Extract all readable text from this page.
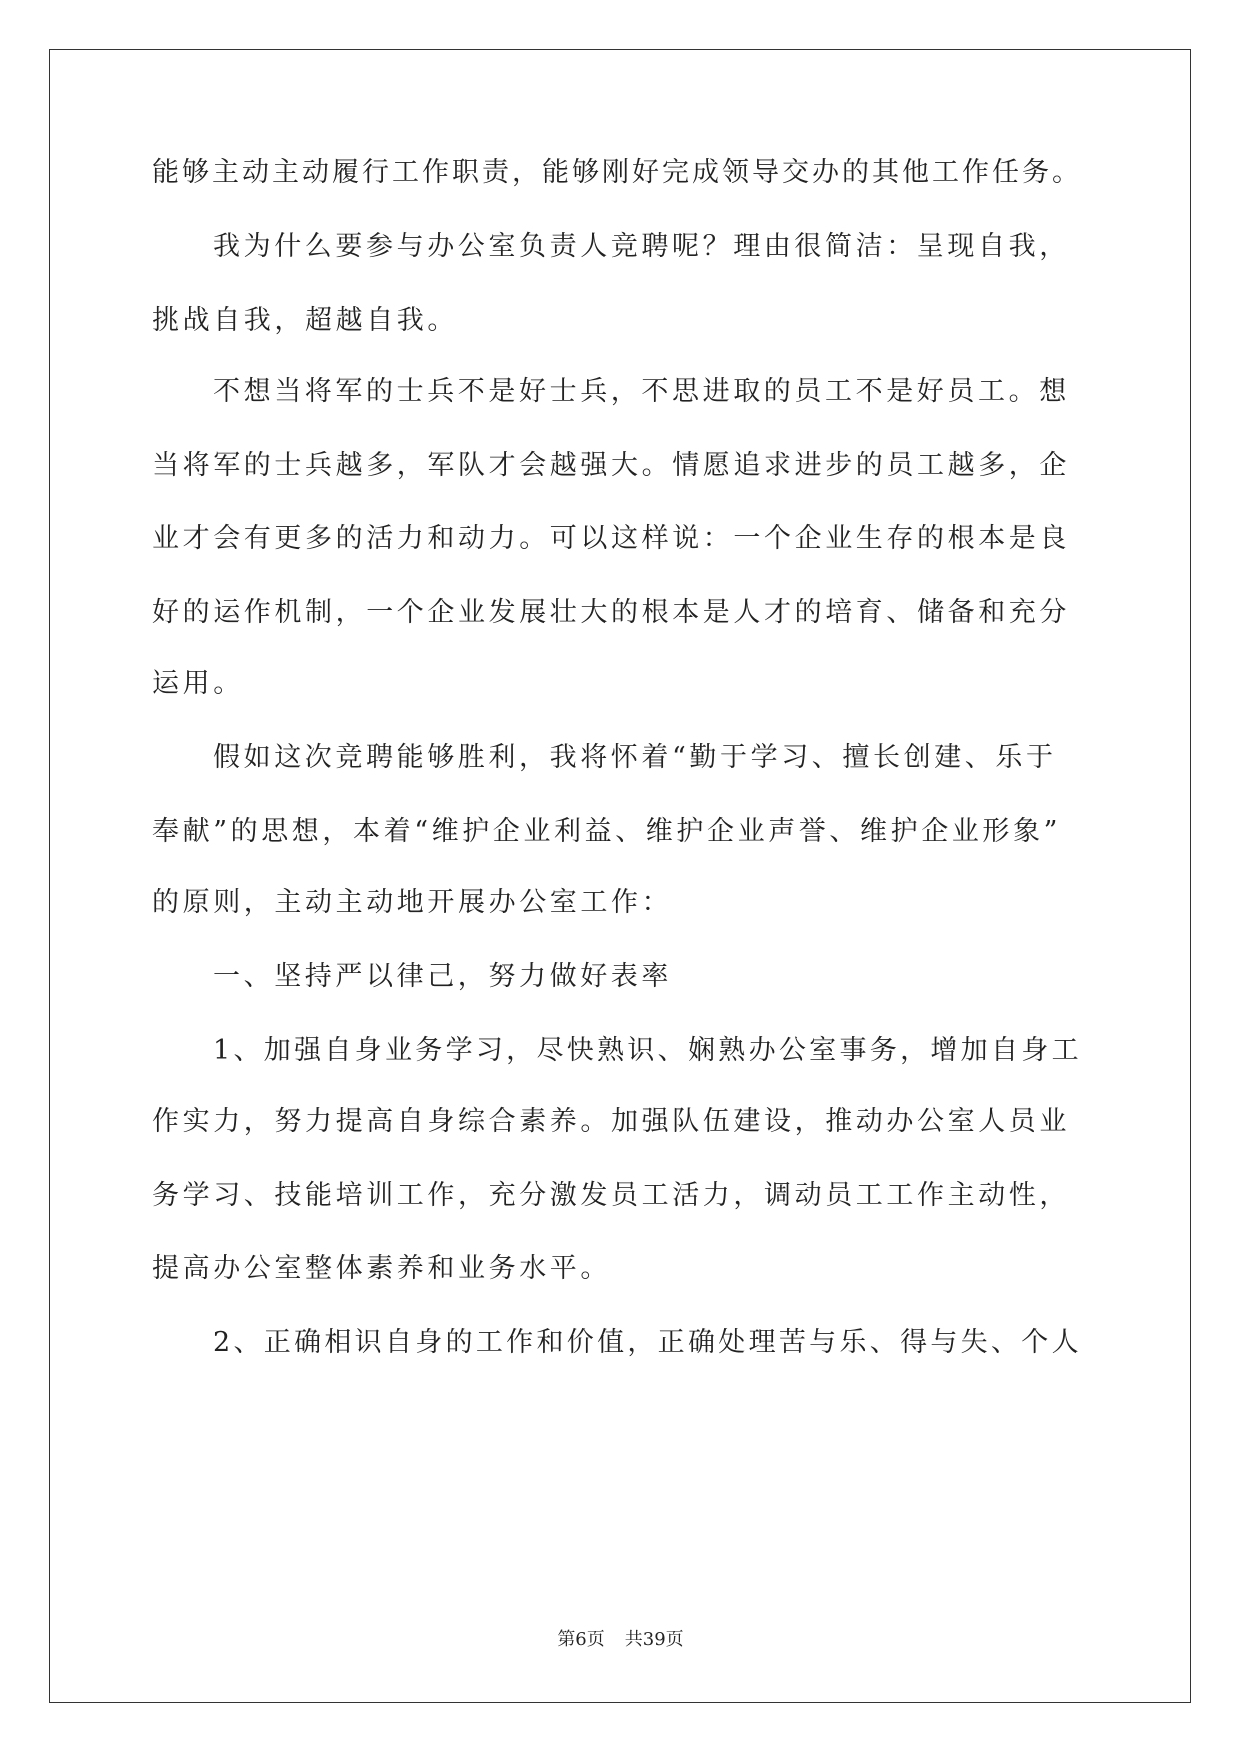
能够主动主动履行工作职责，能够刚好完成领导交办的其他工作任务。
我为什么要参与办公室负责人竞聘呢？理由很简洁：呈现自我，
挑战自我，超越自我。
不想当将军的士兵不是好士兵，不思进取的员工不是好员工。想
当将军的士兵越多，军队才会越强大。情愿追求进步的员工越多，企
业才会有更多的活力和动力。可以这样说：一个企业生存的根本是良
好的运作机制，一个企业发展壮大的根本是人才的培育、储备和充分
运用。
假如这次竞聘能够胜利，我将怀着“勤于学习、擅长创建、乐于
奉献”的思想，本着“维护企业利益、维护企业声誉、维护企业形象”
的原则，主动主动地开展办公室工作：
一、坚持严以律己，努力做好表率
1、加强自身业务学习，尽快熟识、娴熟办公室事务，增加自身工
作实力，努力提高自身综合素养。加强队伍建设，推动办公室人员业
务学习、技能培训工作，充分激发员工活力，调动员工工作主动性，
提高办公室整体素养和业务水平。
2、正确相识自身的工作和价值，正确处理苦与乐、得与失、个人
第6页 共39页
